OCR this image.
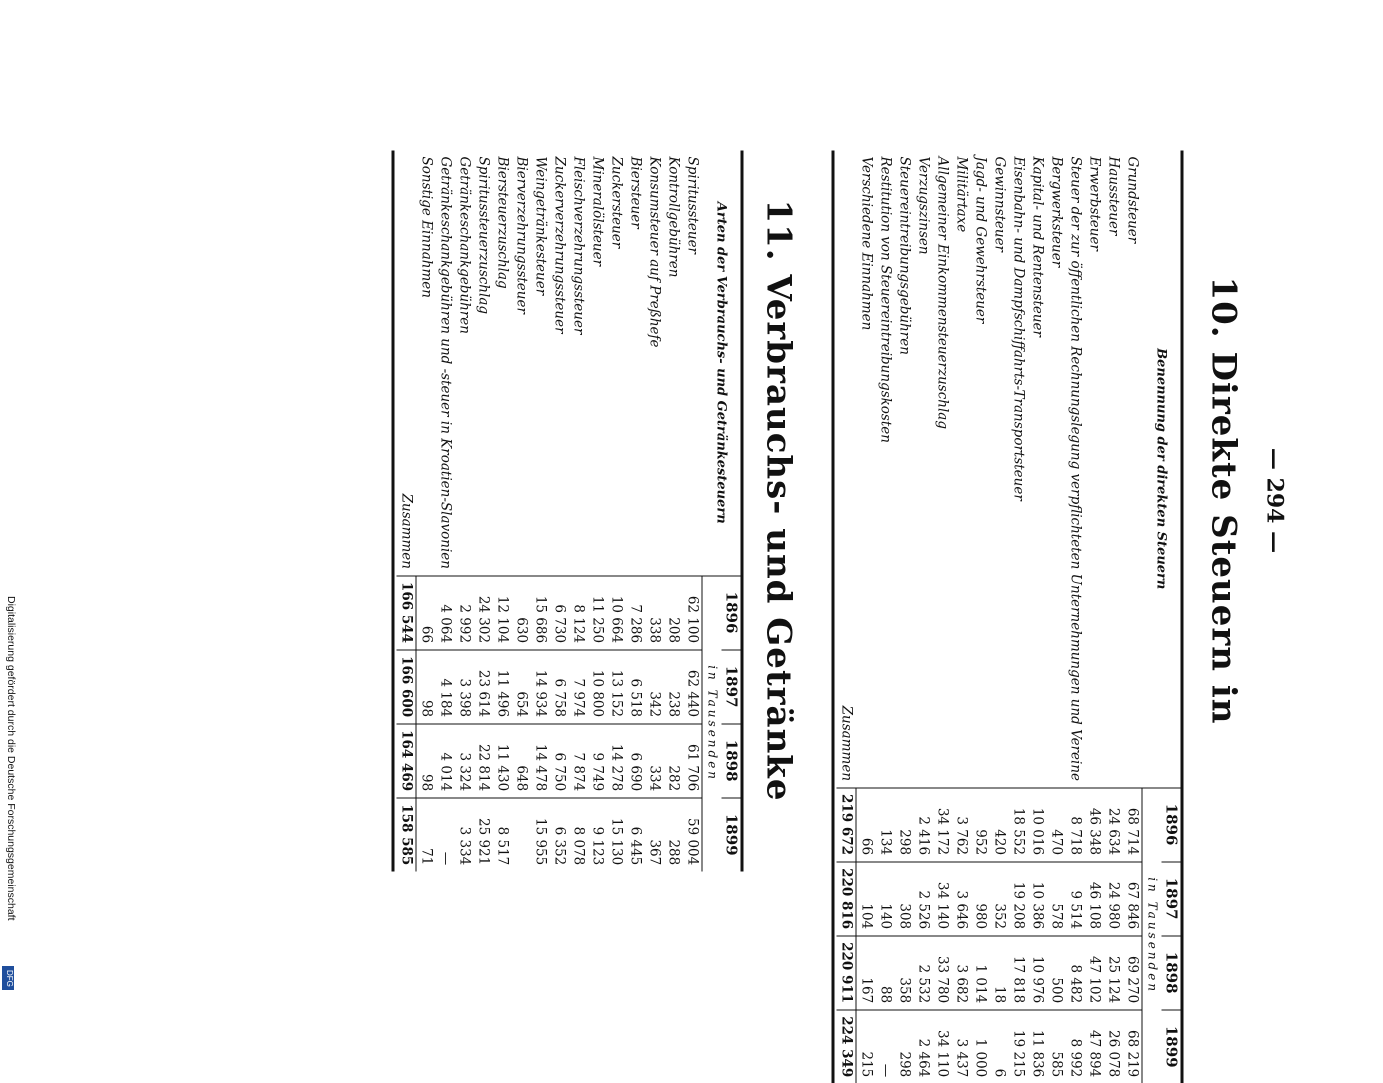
— 294 —
10. Direkte Steuern in
Benennung der direkten Steuern	1896	1897	1898	1899
	in Tausenden			
Grundsteuer	68 714	67 846	69 270	68 219
Haussteuer	24 634	24 980	25 124	26 078
Erwerbsteuer	46 348	46 108	47 102	47 894
Steuer der zur öffentlichen Rechnungslegung verpflichteten Unternehmungen und Vereine	8 718	9 514	8 482	8 992
Bergwerksteuer	470	578	500	585
Kapital- und Rentensteuer	10 016	10 386	10 976	11 836
Eisenbahn- und Dampfschiffahrts-Transportsteuer	18 552	19 208	17 818	19 215
Gewinnsteuer	420	352	18	6
Jagd- und Gewehrsteuer	952	980	1 014	1 000
Militärtaxe	3 762	3 646	3 682	3 437
Allgemeiner Einkommensteuerzuschlag	34 172	34 140	33 780	34 110
Verzugszinsen	2 416	2 526	2 532	2 464
Steuereintreibungsgebühren	298	308	358	298
Restitution von Steuereintreibungskosten	134	140	88	—
Verschiedene Einnahmen	66	104	167	215
Zusammen	219 672	220 816	220 911	224 349

11. Verbrauchs- und Getränke
Arten der Verbrauchs- und Getränkesteuern	1896	1897	1898	1899
	in Tausenden			
Spiritussteuer	62 100	62 440	61 706	59 004
Kontrollgebühren	208	238	282	288
Konsumsteuer auf Preßhefe	338	342	334	367
Biersteuer	7 286	6 518	6 690	6 445
Zuckersteuer	10 664	13 152	14 278	15 130
Mineralölsteuer	11 250	10 800	9 749	9 123
Fleischverzehrungssteuer	8 124	7 974	7 874	8 078
Zuckerverzehrungssteuer	6 730	6 758	6 750	6 352
Weingetränkesteuer	15 686	14 934	14 478	15 955
Bierverzehrungssteuer	630	654	648	
Biersteuerzuschlag	12 104	11 496	11 430	8 517
Spiritussteuerzuschlag	24 302	23 614	22 814	25 921
Getränkeschankgebühren	2 992	3 398	3 324	3 334
Getränkeschankgebühren und -steuer in Kroatien-Slavonien	4 064	4 184	4 014	—
Sonstige Einnahmen	66	98	98	71
Zusammen	166 544	166 600	164 469	158 585

Digitalisierung gefördert durch die Deutsche Forschungsgemeinschaft
DFG
